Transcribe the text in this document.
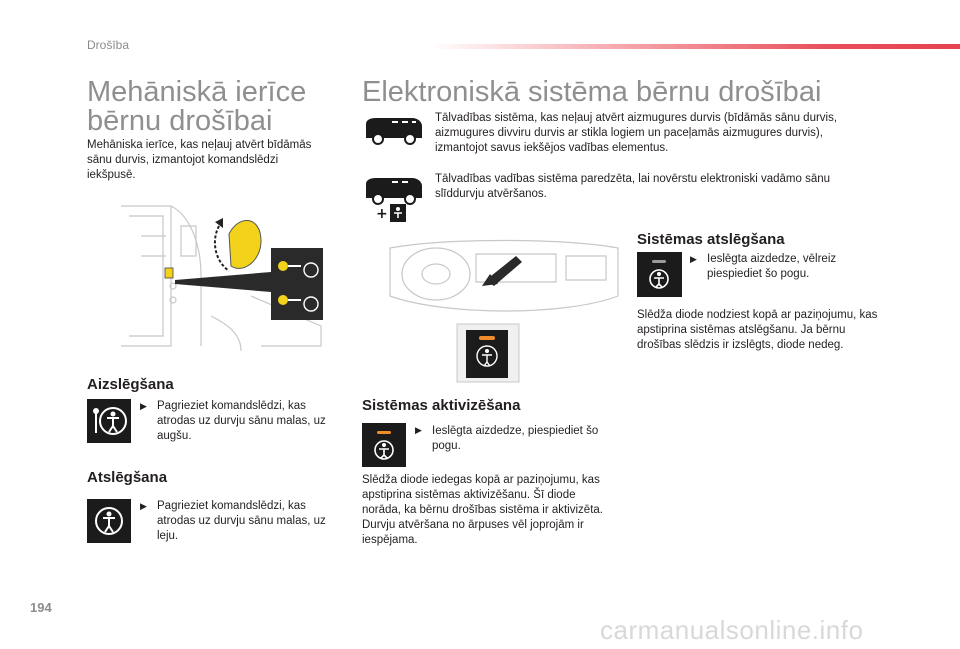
Drošība
Mehāniskā ierīce
bērnu drošībai
Mehāniska ierīce, kas neļauj atvērt bīdāmās sānu durvis, izmantojot komandslēdzi iekšpusē.
Aizslēgšana
▶ Pagrieziet komandslēdzi, kas atrodas uz durvju sānu malas, uz augšu.
Atslēgšana
▶ Pagrieziet komandslēdzi, kas atrodas uz durvju sānu malas, uz leju.
Elektroniskā sistēma bērnu drošībai
Tālvadības sistēma, kas neļauj atvērt aizmugures durvis (bīdāmās sānu durvis, aizmugures divviru durvis ar stikla logiem un paceļamās aizmugures durvis), izmantojot savus iekšējos vadības elementus.
+
Tālvadības vadības sistēma paredzēta, lai novērstu elektroniski vadāmo sānu slīddurvju atvēršanos.
Sistēmas aktivizēšana
▶ Ieslēgta aizdedze, piespiediet šo pogu.
Slēdža diode iedegas kopā ar paziņojumu, kas apstiprina sistēmas aktivizēšanu. Šī diode norāda, ka bērnu drošības sistēma ir aktivizēta. Durvju atvēršana no ārpuses vēl joprojām ir iespējama.
Sistēmas atslēgšana
▶ Ieslēgta aizdedze, vēlreiz piespiediet šo pogu.
Slēdža diode nodziest kopā ar paziņojumu, kas apstiprina sistēmas atslēgšanu. Ja bērnu drošības slēdzis ir izslēgts, diode nedeg.
194
carmanualsonline.info
